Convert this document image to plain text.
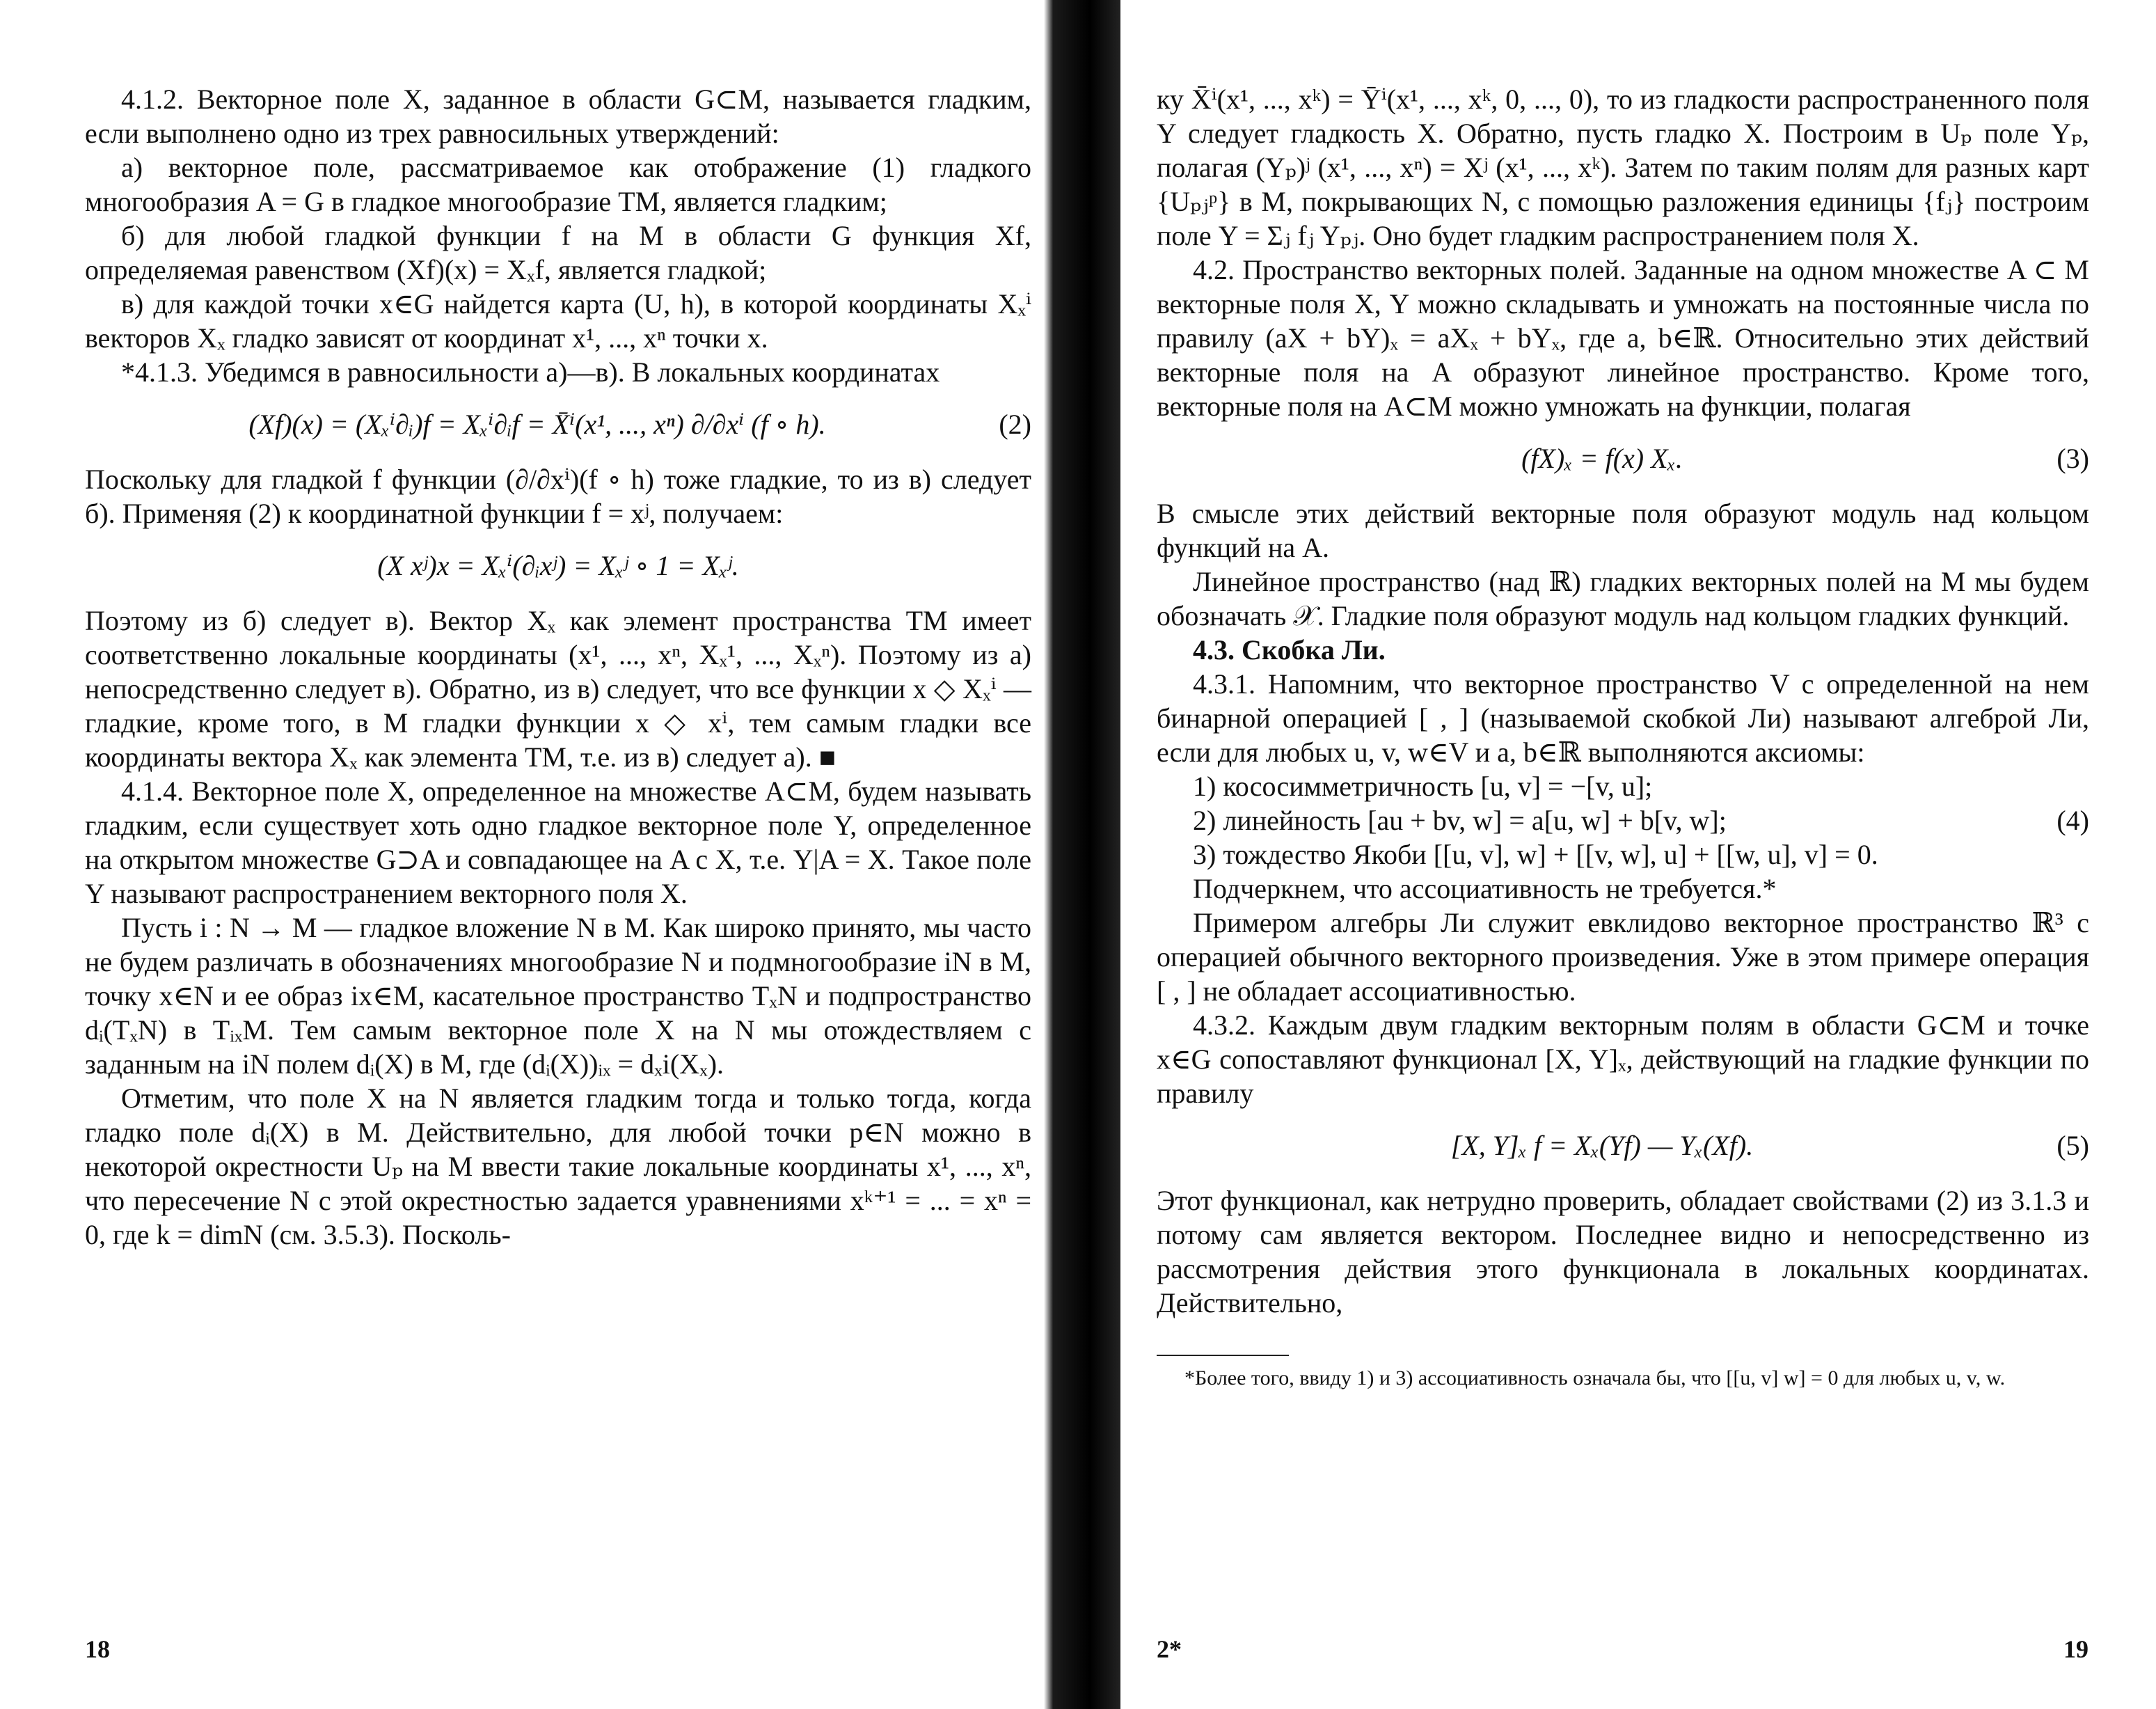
4.1.2. Векторное поле X, заданное в области G⊂M, называется гладким, если выполнено одно из трех равносильных утверждений:

а) векторное поле, рассматриваемое как отображение (1) гладкого многообразия A = G в гладкое многообразие TM, является гладким;

б) для любой гладкой функции f на M в области G функция Xf, определяемая равенством (Xf)(x) = Xₓf, является гладкой;

в) для каждой точки x∈G найдется карта (U, h), в которой координаты Xₓⁱ векторов Xₓ гладко зависят от координат x¹, ..., xⁿ точки x.

*4.1.3. Убедимся в равносильности а)—в). В локальных координатах

(Xf)(x) = (Xₓⁱ∂ᵢ)f = Xₓⁱ∂ᵢf = X̄ⁱ(x¹, ..., xⁿ) ∂/∂xⁱ (f ∘ h).	(2)

Поскольку для гладкой f функции (∂/∂xⁱ)(f ∘ h) тоже гладкие, то из в) следует б). Применяя (2) к координатной функции f = xʲ, получаем:

(X xʲ)x = Xₓⁱ(∂ᵢxʲ) = Xₓʲ ∘ 1 = Xₓʲ.

Поэтому из б) следует в). Вектор Xₓ как элемент пространства TM имеет соответственно локальные координаты (x¹, ..., xⁿ, Xₓ¹, ..., Xₓⁿ). Поэтому из а) непосредственно следует в). Обратно, из в) следует, что все функции x ◇ Xₓⁱ — гладкие, кроме того, в M гладки функции x ◇ xⁱ, тем самым гладки все координаты вектора Xₓ как элемента TM, т.е. из в) следует а). ■

4.1.4. Векторное поле X, определенное на множестве A⊂M, будем называть гладким, если существует хоть одно гладкое векторное поле Y, определенное на открытом множестве G⊃A и совпадающее на A с X, т.е. Y|A = X. Такое поле Y называют распространением векторного поля X.

Пусть i : N → M — гладкое вложение N в M. Как широко принято, мы часто не будем различать в обозначениях многообразие N и подмногообразие iN в M, точку x∈N и ее образ ix∈M, касательное пространство TₓN и подпространство dᵢ(TₓN) в TᵢₓM. Тем самым векторное поле X на N мы отождествляем с заданным на iN полем dᵢ(X) в M, где (dᵢ(X))ᵢₓ = dₓi(Xₓ).

Отметим, что поле X на N является гладким тогда и только тогда, когда гладко поле dᵢ(X) в M. Действительно, для любой точки p∈N можно в некоторой окрестности Uₚ на M ввести такие локальные координаты x¹, ..., xⁿ, что пересечение N с этой окрестностью задается уравнениями xᵏ⁺¹ = ... = xⁿ = 0, где k = dimN (см. 3.5.3). Посколь-

18

ку X̄ⁱ(x¹, ..., xᵏ) = Ȳⁱ(x¹, ..., xᵏ, 0, ..., 0), то из гладкости распространенного поля Y следует гладкость X. Обратно, пусть гладко X. Построим в Uₚ поле Yₚ, полагая (Yₚ)ʲ (x¹, ..., xⁿ) = Xʲ (x¹, ..., xᵏ). Затем по таким полям для разных карт {Uₚⱼᵖ} в M, покрывающих N, с помощью разложения единицы {fⱼ} построим поле Y = Σⱼ fⱼ Yₚⱼ. Оно будет гладким распространением поля X.

4.2. Пространство векторных полей. Заданные на одном множестве A ⊂ M векторные поля X, Y можно складывать и умножать на постоянные числа по правилу (aX + bY)ₓ = aXₓ + bYₓ, где a, b∈ℝ. Относительно этих действий векторные поля на A образуют линейное пространство. Кроме того, векторные поля на A⊂M можно умножать на функции, полагая

(fX)ₓ = f(x) Xₓ.	(3)

В смысле этих действий векторные поля образуют модуль над кольцом функций на A.

Линейное пространство (над ℝ) гладких векторных полей на M мы будем обозначать 𝒳. Гладкие поля образуют модуль над кольцом гладких функций.

4.3. Скобка Ли.

4.3.1. Напомним, что векторное пространство V с определенной на нем бинарной операцией [ , ] (называемой скобкой Ли) называют алгеброй Ли, если для любых u, v, w∈V и a, b∈ℝ выполняются аксиомы:

1) кососимметричность [u, v] = −[v, u];

2) линейность [au + bv, w] = a[u, w] + b[v, w];	(4)

3) тождество Якоби [[u, v], w] + [[v, w], u] + [[w, u], v] = 0.

Подчеркнем, что ассоциативность не требуется.*

Примером алгебры Ли служит евклидово векторное пространство ℝ³ с операцией обычного векторного произведения. Уже в этом примере операция [ , ] не обладает ассоциативностью.

4.3.2. Каждым двум гладким векторным полям в области G⊂M и точке x∈G сопоставляют функционал [X, Y]ₓ, действующий на гладкие функции по правилу

[X, Y]ₓ f = Xₓ(Yf) — Yₓ(Xf).	(5)

Этот функционал, как нетрудно проверить, обладает свойствами (2) из 3.1.3 и потому сам является вектором. Последнее видно и непосредственно из рассмотрения действия этого функционала в локальных координатах. Действительно,

*Более того, ввиду 1) и 3) ассоциативность означала бы, что [[u, v] w] = 0 для любых u, v, w.

2*	19
